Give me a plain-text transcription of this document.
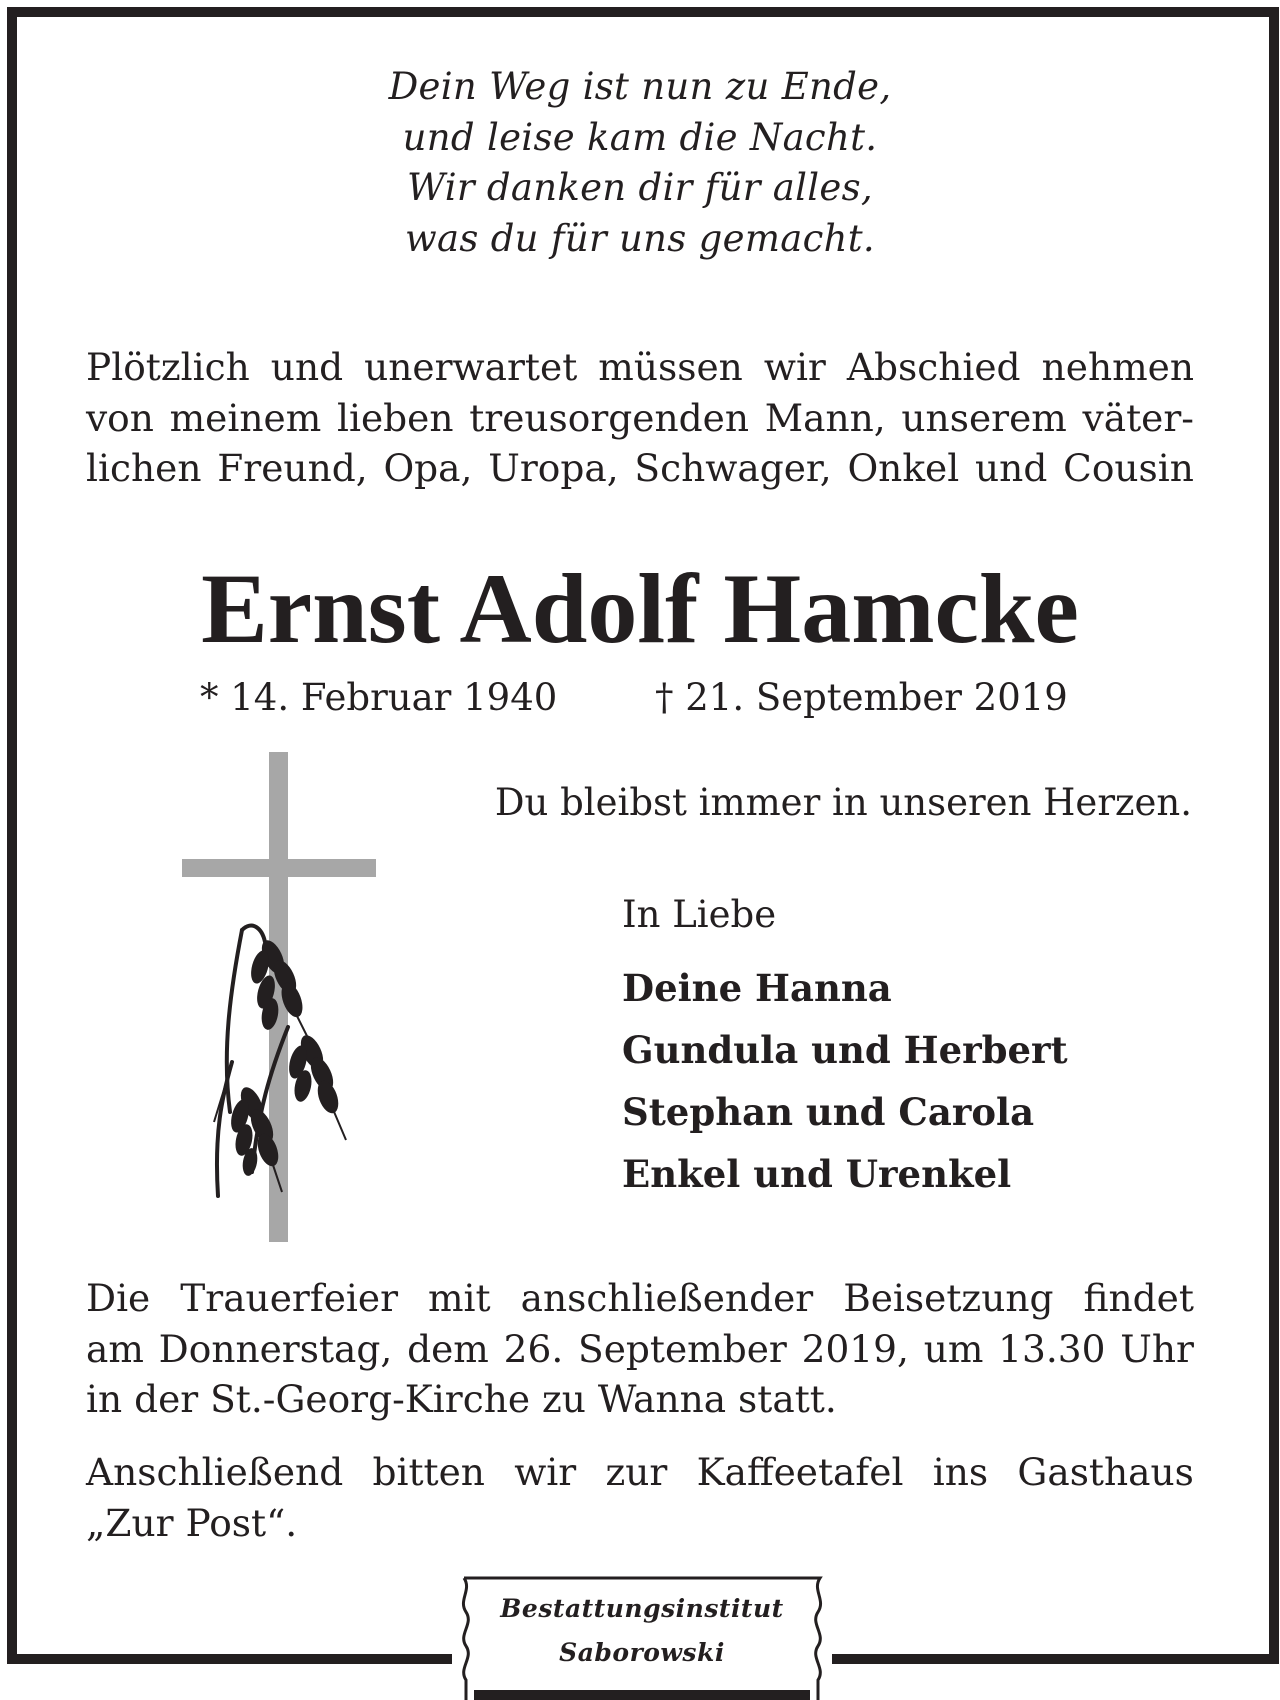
Dein Weg ist nun zu Ende,
und leise kam die Nacht.
Wir danken dir für alles,
was du für uns gemacht.
Plötzlich und unerwartet müssen wir Abschied nehmen
von meinem lieben treusorgenden Mann, unserem väter-
lichen Freund, Opa, Uropa, Schwager, Onkel und Cousin
Ernst Adolf Hamcke
* 14. Februar 1940	† 21. September 2019
Du bleibst immer in unseren Herzen.
In Liebe
Deine Hanna
Gundula und Herbert
Stephan und Carola
Enkel und Urenkel
Die Trauerfeier mit anschließender Beisetzung findet
am Donnerstag, dem 26. September 2019, um 13.30 Uhr
in der St.-Georg-Kirche zu Wanna statt.
Anschließend bitten wir zur Kaffeetafel ins Gasthaus
„Zur Post“.
Bestattungsinstitut
Saborowski
